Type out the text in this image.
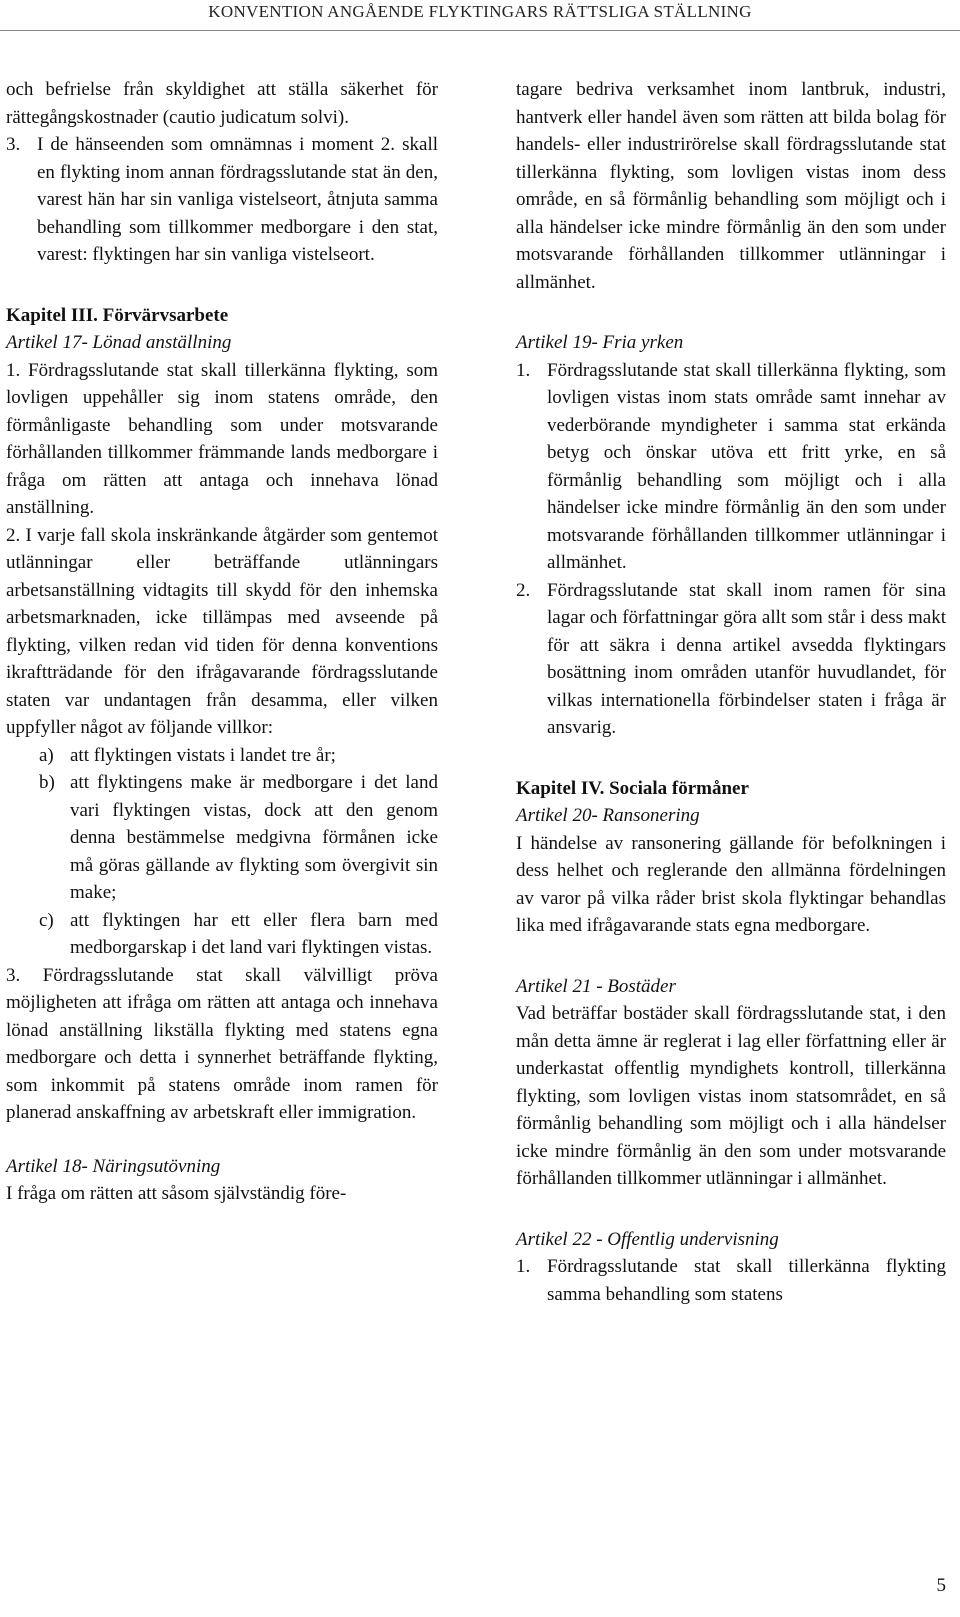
KONVENTION ANGÅENDE FLYKTINGARS RÄTTSLIGA STÄLLNING

och befrielse från skyldighet att ställa säkerhet för rättegångskostnader (cautio judicatum solvi).

3. I de hänseenden som omnämnas i moment 2. skall en flykting inom annan fördragsslutande stat än den, varest hän har sin vanliga vistelseort, åtnjuta samma behandling som tillkommer medborgare i den stat, varest: flyktingen har sin vanliga vistelseort.

Kapitel III. Förvärvsarbete

Artikel 17- Lönad anställning

1. Fördragsslutande stat skall tillerkänna flykting, som lovligen uppehåller sig inom statens område, den förmånligaste behandling som under motsvarande förhållanden tillkommer främmande lands medborgare i fråga om rätten att antaga och innehava lönad anställning.

2. I varje fall skola inskränkande åtgärder som gentemot utlänningar eller beträffande utlänningars arbetsanställning vidtagits till skydd för den inhemska arbetsmarknaden, icke tillämpas med avseende på flykting, vilken redan vid tiden för denna konventions ikraftträdande för den ifrågavarande fördragsslutande staten var undantagen från desamma, eller vilken uppfyller något av följande villkor:

a) att flyktingen vistats i landet tre år;

b) att flyktingens make är medborgare i det land vari flyktingen vistas, dock att den genom denna bestämmelse medgivna förmånen icke må göras gällande av flykting som övergivit sin make;

c) att flyktingen har ett eller flera barn med medborgarskap i det land vari flyktingen vistas.

3. Fördragsslutande stat skall välvilligt pröva möjligheten att ifråga om rätten att antaga och innehava lönad anställning likställa flykting med statens egna medborgare och detta i synnerhet beträffande flykting, som inkommit på statens område inom ramen för planerad anskaffning av arbetskraft eller immigration.

Artikel 18- Näringsutövning

I fråga om rätten att såsom självständig före-

tagare bedriva verksamhet inom lantbruk, industri, hantverk eller handel även som rätten att bilda bolag för handels- eller industrirörelse skall fördragsslutande stat tillerkänna flykting, som lovligen vistas inom dess område, en så förmånlig behandling som möjligt och i alla händelser icke mindre förmånlig än den som under motsvarande förhållanden tillkommer utlänningar i allmänhet.

Artikel 19- Fria yrken

1. Fördragsslutande stat skall tillerkänna flykting, som lovligen vistas inom stats område samt innehar av vederbörande myndigheter i samma stat erkända betyg och önskar utöva ett fritt yrke, en så förmånlig behandling som möjligt och i alla händelser icke mindre förmånlig än den som under motsvarande förhållanden tillkommer utlänningar i allmänhet.

2. Fördragsslutande stat skall inom ramen för sina lagar och författningar göra allt som står i dess makt för att säkra i denna artikel avsedda flyktingars bosättning inom områden utanför huvudlandet, för vilkas internationella förbindelser staten i fråga är ansvarig.

Kapitel IV. Sociala förmåner

Artikel 20- Ransonering

I händelse av ransonering gällande för befolkningen i dess helhet och reglerande den allmänna fördelningen av varor på vilka råder brist skola flyktingar behandlas lika med ifrågavarande stats egna medborgare.

Artikel 21 - Bostäder

Vad beträffar bostäder skall fördragsslutande stat, i den mån detta ämne är reglerat i lag eller författning eller är underkastat offentlig myndighets kontroll, tillerkänna flykting, som lovligen vistas inom statsområdet, en så förmånlig behandling som möjligt och i alla händelser icke mindre förmånlig än den som under motsvarande förhållanden tillkommer utlänningar i allmänhet.

Artikel 22 - Offentlig undervisning

1. Fördragsslutande stat skall tillerkänna flykting samma behandling som statens

5
